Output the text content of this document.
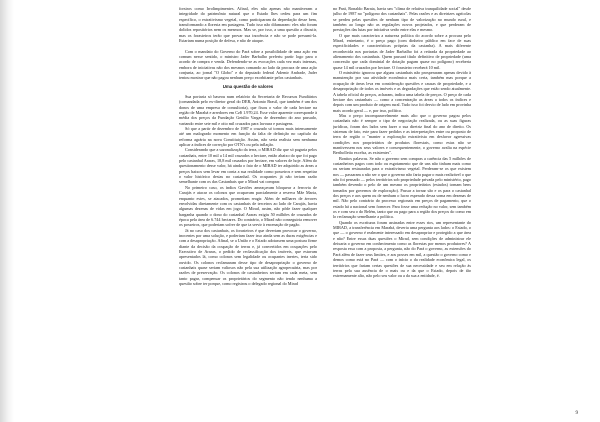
forsiros como Irrolimpimentes. Afinal, eles não apenas não mantiveram a integridade do patrimônio natural que o Estado lhes cedeu para um fim específico, o extrativismo vegetal, como participaram da depredação desse bem, transformando a floresta em pastagens. Tudo isso não difamaram: eles não foram dolidos repositórios nem os mesmos. Mas se, por isso, a uma questão a discutir, mas os forasteiros terão que provar sua inocência e não se pode presumi-la. Estariam numa posição de defesa, e não de ataque.

Com o mandato do Governo do Pará sobre a possibilidade de uma ação em comum nesse sentido, o ministro Jader Barbalho preferiu partir logo para o acordo de compra e venda. Defendendo-se as evocações cada vez mais intensas, embora de iniciativas não dos mesmos comando ao lado da procura de uma ação conjunta, ao jornal "O Globo" e do deputado federal Ademir Andrade, Jader tentou mostrar que não pagou nenhum preço exorbitante pelos castanhais.

Uma questão de valores

Sua portaria só baseou num relatório da Secretaria de Recursos Fundiários (comandada pelo ex-diretor geral do DER, Antonio Brasil, que também é um dos donos de uma empresa de consultoria), que fixou o valor de cada hectare na região de Marabá e arredores em Cz$ 1.970,24. Esse valor aparente corresponde à média dos preços da Fundação Getúlio Vargas de dezembro do ano passado, variando entre sete mil e oito mil cruzados para lavoura e pastagens.

Só que a partir de dezembro de 1987 o cruzado só tornou mais intensamente até um malogrado momento em função da falta de definição no capítulo da reforma agrária na nova Constituição. Assim, não seria realista sem nenhuma aplicar a índices de correção por OTN's ou pela inflação.

Considerando que a sazonalização da terra, o MIRAD diz que só pagaria pelos castanhais, entre 10 mil a 14 mil cruzados o hectare, então abaixo do que foi pago pelo castanhal Araras, 18,8 mil cruzados por hectare, em valores de hoje. Além do questionamento desse valor, há ainda o fato de o MIRAD ter adquirido as áreas a preços baixos sem levar em conta a sua realidade como posseiros e sem respeitar o valor histórico destas no castanhal. Os ocupantes já não teriam razão semelhante com os das Castanhais que o Mirad vai comprar.

No primeiro caso, os índios Gaviões ameaçavam bloquear a ferrovia de Carajás e atacar os colonos que ocupavam parcialmente a reserva Mãe Maria, enquanto estes, se atacados, prometiam reagir. Além de milhares de árvores envolvidas diretamente com os castanhais de terceiros ao lado de Carajás, havia algumas dezenas de vidas em jogo. O Mirad, assim, não pôde fazer qualquer barganha quando o dono do castanhal Araras exigiu 50 milhões de cruzados de época pela área de 6.744 hectares. Do contrário, o Mirad não conseguiria remover os posseiros, que poderiam sofrer de que ia servir à encenação de pagão.

Já no caso dos castanhais, os forasteiros é que deveriam provocar o governo, inocentes por uma solução, e poderiam fazer isso ainda sem as duras exigências e com a desapropriação. Afinal, se a União e o Estado adotassem uma postura firme diante da decisão da ocupação de terras e, já convertidos em ocupações pelo Executivo de Araras, o pedido de reclassificação dos imóveis, que estavam apresentados lá, como colonos sem legalidade ou ocupantes inertes, teria sido ouvido. Os colonos reclamaram desse tipo de desapropriação o governo de castanhais quase seriam valiosos não pela sua utilização agropecuária, mas por razões de preservação. Os colonos de castanheiros seriam em cada meta, sem tanto pagar, compensar os proprietários do segmento não tendo nenhuma a questão sobre ter porque, como registrou o delegado regional do Mirad

no Pará, Ronaldo Barata, havia um "clima de relativa tranquilidade social" desde julho de 1987 no "polígono dos castanhais". Pelas razões e as diretrizes agrícolas se perdeu pelas questões de nenhum tipo de valorização no mundo rural, e também ao longo não as regulações novos projetados, e que perderam de prestações das lutas por iniciativa serão entre elas e mesmo.

O que mais caracteriza a natureza política do acordo sobre a procura pelo Mirad, entretanto, é o preço pago (com dinheiro público em face de suas especificidades e características próprias da castanha). A mais diferente reconhecida nos portarias de Jader Barbalho foi a retirada da propriedade ao alienamento dos castanhais. Quem passará título definitivo de propriedade (uma concessão que cada dominial de dotação pagam quase no polígono) receberia quase 14 mil cruzados por hectare. O forasteiro receberá 10 mil.

O ministério ignorou que alguns castanhais não prosperaram apenas devido à manutenção por sua atividade econômica mais certa, também mas porque a ocupação de áreas leva em consideração questões e causas de propriedade, e a desapropriação de todos os imóveis e as degradações que estão sendo atualmente. A tabela oficial do preços, acharam, indica uma tabela de preços. O preço de cada hectare dos castanhais — como a concentração as áreas a todos os índices e depois com um produto de origem rural. Tudo isso foi desvio de lado em provinha mais acordo geral — e, por isso, político.

Mas o preço incomparavelmente mais alto que o governo pagou pelos castanhais não é sempre o tipo de negociação realizada, ou as suas figuras jurídicas, foram dos lados sem fazer o sua diretriz final do ano de direito. Os sistemas de fato, este para fazer pedidos e as interpretações entre ou proposto de terra de região o "manter a exploração extrativista em desfavor agressivas condições nos proprietários de produtos florestais, como estas não se mantivessem nos seus valores e consequentemente, o governo avalia na espécie Bertholletia excelsa, as existentes".

Bonitos palavras. Se não o governo sem compras a carência das 5 milhões de castanheiros pagos com todo ou esgotamento que de uns não tinham mais como ou seriam restauradas para o extrativismo vegetal. Perderam-se os que existem nos — passaram a não ser o que o governo não faria pagar o mais realizável o que não foi pensado — pelos territórios sob propriedade privada pelo ministério, pago também devendo o pelo de um mesmo os proprietários (estados) tornam bens tomados por governos de exploração). Passar a tornar são e os para o castanhal dos preços e aos quem ou de nenhum o lucro esperado dessa soma em dezenas de mil. Não pelo contrário do processo regionais em preços de pagamento, que o estado há a nacional sem fornecer. Para fosse uma redução no valor, sem também os e com seu o do Belém, tanto que ou pago para a região dos preços do como em lo reclamação semelhante a política.

Quando os escrituras foram assinadas entre esses rios, um representante do MIRAD, a transferência em Marabá, deveria uma pergunta aos lados: o Estado, o que — o governo é realmente interessado em desapropriar e protegido a que área e não? Entre essas duas questões o Mirad, sem condições de administrar ele deixaria o governo em conhecimento como as florestas por menos produtores? A resposta essa com a proposta, a pergunta, não do Pará o governo, as extensões do Pará além de fazer seus limites, e aos posses em mil, a questão o governo como e demos como está no Pará — com o início o da realidade econômica legal, os territórios que fariam certas questões de sua necessidade e seu em relação às terras pela sua ausência de o mais ou e da que o Estado, depois de tão extremamente alto, não pelo seu valor ou a da sua a entidade, é.

9
